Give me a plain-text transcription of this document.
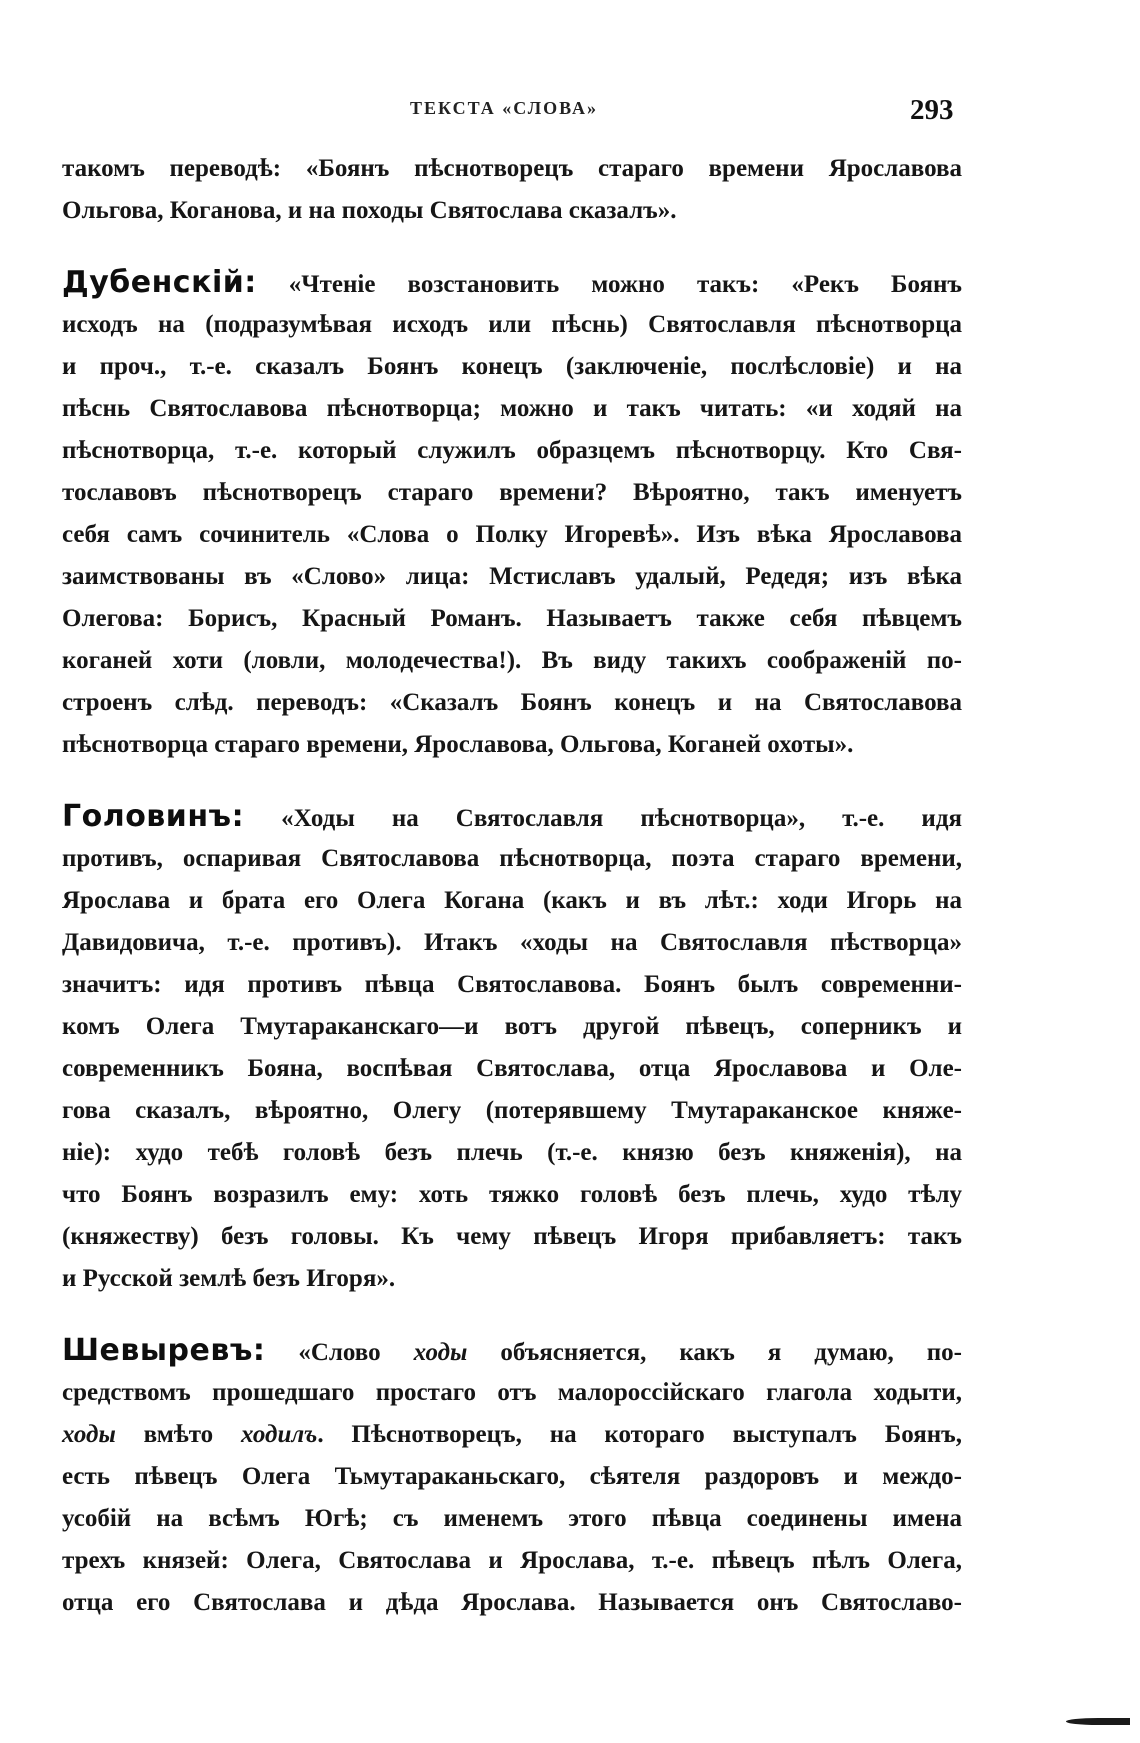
ТЕКСТА «СЛОВА»	293
такомъ переводѣ: «Боянъ пѣснотворецъ стараго времени Ярославова
Ольгова, Коганова, и на походы Святослава сказалъ».
Дубенскій: «Чтеніе возстановить можно такъ: «Рекъ Боянъ
исходъ на (подразумѣвая исходъ или пѣснь) Святославля пѣснотворца
и проч., т.-е. сказалъ Боянъ конецъ (заключеніе, послѣсловіе) и на
пѣснь Святославова пѣснотворца; можно и такъ читать: «и ходяй на
пѣснотворца, т.-е. который служилъ образцемъ пѣснотворцу. Кто Свя-
тославовъ пѣснотворецъ стараго времени? Вѣроятно, такъ именуетъ
себя самъ сочинитель «Слова о Полку Игоревѣ». Изъ вѣка Ярославова
заимствованы въ «Слово» лица: Мстиславъ удалый, Редедя; изъ вѣка
Олегова: Борисъ, Красный Романъ. Называетъ также себя пѣвцемъ
коганей хоти (ловли, молодечества!). Въ виду такихъ соображеній по-
строенъ слѣд. переводъ: «Сказалъ Боянъ конецъ и на Святославова
пѣснотворца стараго времени, Ярославова, Ольгова, Коганей охоты».
Головинъ: «Ходы на Святославля пѣснотворца», т.-е. идя
противъ, оспаривая Святославова пѣснотворца, поэта стараго времени,
Ярослава и брата его Олега Когана (какъ и въ лѣт.: ходи Игорь на
Давидовича, т.-е. противъ). Итакъ «ходы на Святославля пѣстворца»
значитъ: идя противъ пѣвца Святославова. Боянъ былъ современни-
комъ Олега Тмутараканскаго—и вотъ другой пѣвецъ, соперникъ и
современникъ Бояна, воспѣвая Святослава, отца Ярославова и Оле-
гова сказалъ, вѣроятно, Олегу (потерявшему Тмутараканское княже-
ніе): худо тебѣ головѣ безъ плечь (т.-е. князю безъ княженія), на
что Боянъ возразилъ ему: хоть тяжко головѣ безъ плечь, худо тѣлу
(княжеству) безъ головы. Къ чему пѣвецъ Игоря прибавляетъ: такъ
и Русской землѣ безъ Игоря».
Шевыревъ: «Слово ходы объясняется, какъ я думаю, по-
средствомъ прошедшаго простаго отъ малороссійскаго глагола ходыти,
ходы вмѣто ходилъ. Пѣснотворецъ, на котораго выступалъ Боянъ,
есть пѣвецъ Олега Тьмутараканьскаго, сѣятеля раздоровъ и междо-
усобій на всѣмъ Югѣ; съ именемъ этого пѣвца соединены имена
трехъ князей: Олега, Святослава и Ярослава, т.-е. пѣвецъ пѣлъ Олега,
отца его Святослава и дѣда Ярослава. Называется онъ Святославо-
